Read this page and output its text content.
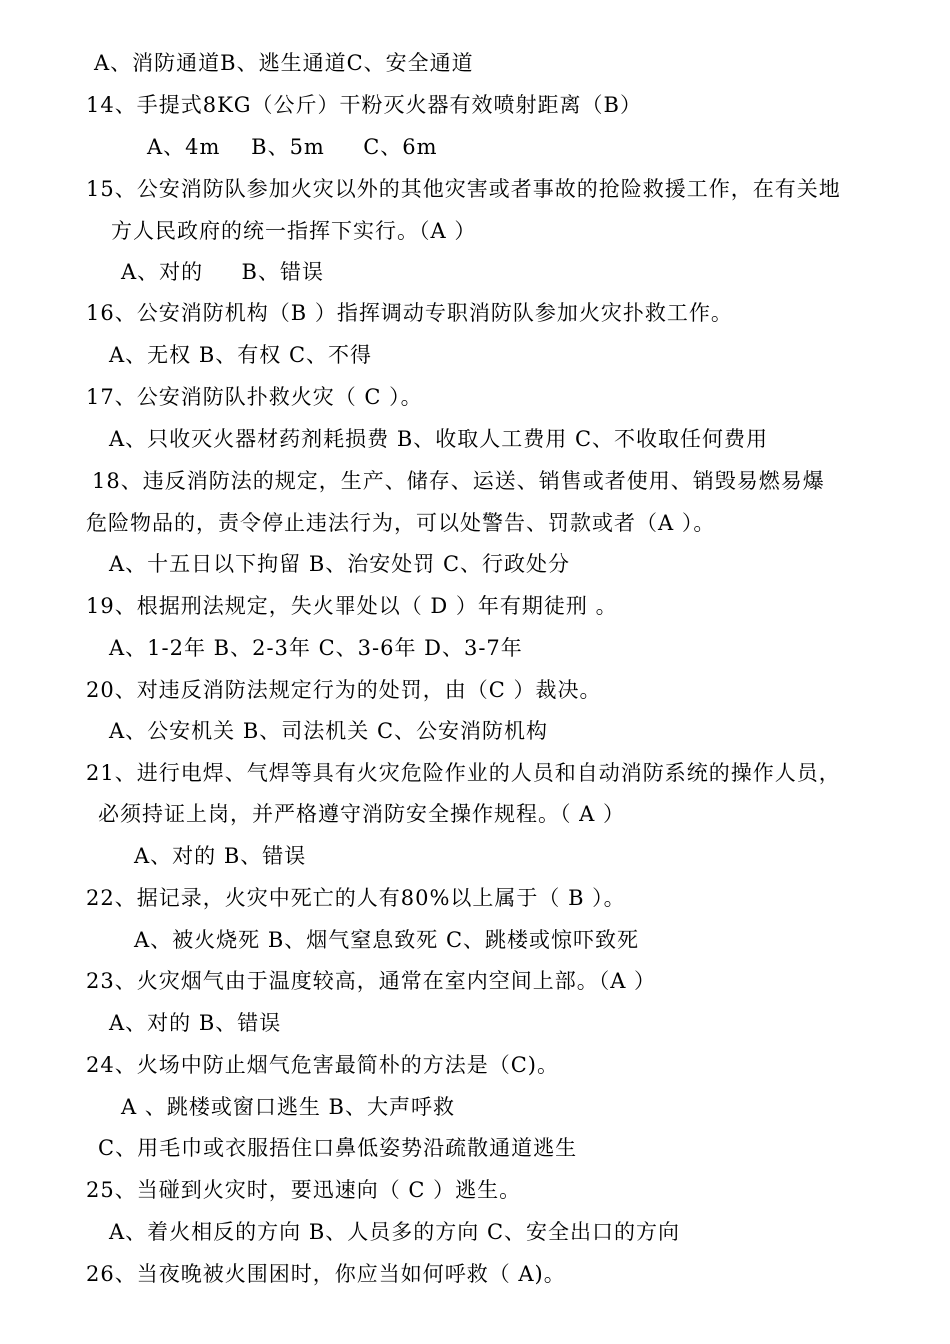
A、消防通道B、逃生通道C、安全通道
14、手提式8KG（公斤）干粉灭火器有效喷射距离（B）
A、4m    B、5m     C、6m
15、公安消防队参加火灾以外的其他灾害或者事故的抢险救援工作，在有关地
方人民政府的统一指挥下实行。（A ）
A、对的     B、错误
16、公安消防机构（B ）指挥调动专职消防队参加火灾扑救工作。
A、无权 B、有权 C、不得
17、公安消防队扑救火灾（ C ）。
A、只收灭火器材药剂耗损费 B、收取人工费用 C、不收取任何费用
18、违反消防法的规定，生产、储存、运送、销售或者使用、销毁易燃易爆
危险物品的，责令停止违法行为，可以处警告、罚款或者（A ）。
A、十五日以下拘留 B、治安处罚 C、行政处分
19、根据刑法规定，失火罪处以（ D ）年有期徒刑 。
A、1-2年 B、2-3年 C、3-6年 D、3-7年
20、对违反消防法规定行为的处罚，由（C ）裁决。
A、公安机关 B、司法机关 C、公安消防机构
21、进行电焊、气焊等具有火灾危险作业的人员和自动消防系统的操作人员，
必须持证上岗，并严格遵守消防安全操作规程。（ A ）
A、对的 B、错误
22、据记录，火灾中死亡的人有80%以上属于（ B ）。
A、被火烧死 B、烟气窒息致死 C、跳楼或惊吓致死
23、火灾烟气由于温度较高，通常在室内空间上部。（A ）
A、对的 B、错误
24、火场中防止烟气危害最简朴的方法是（C)。
A 、跳楼或窗口逃生 B、大声呼救
C、用毛巾或衣服捂住口鼻低姿势沿疏散通道逃生
25、当碰到火灾时，要迅速向（ C ）逃生。
A、着火相反的方向 B、人员多的方向 C、安全出口的方向
26、当夜晚被火围困时，你应当如何呼救（ A)。
